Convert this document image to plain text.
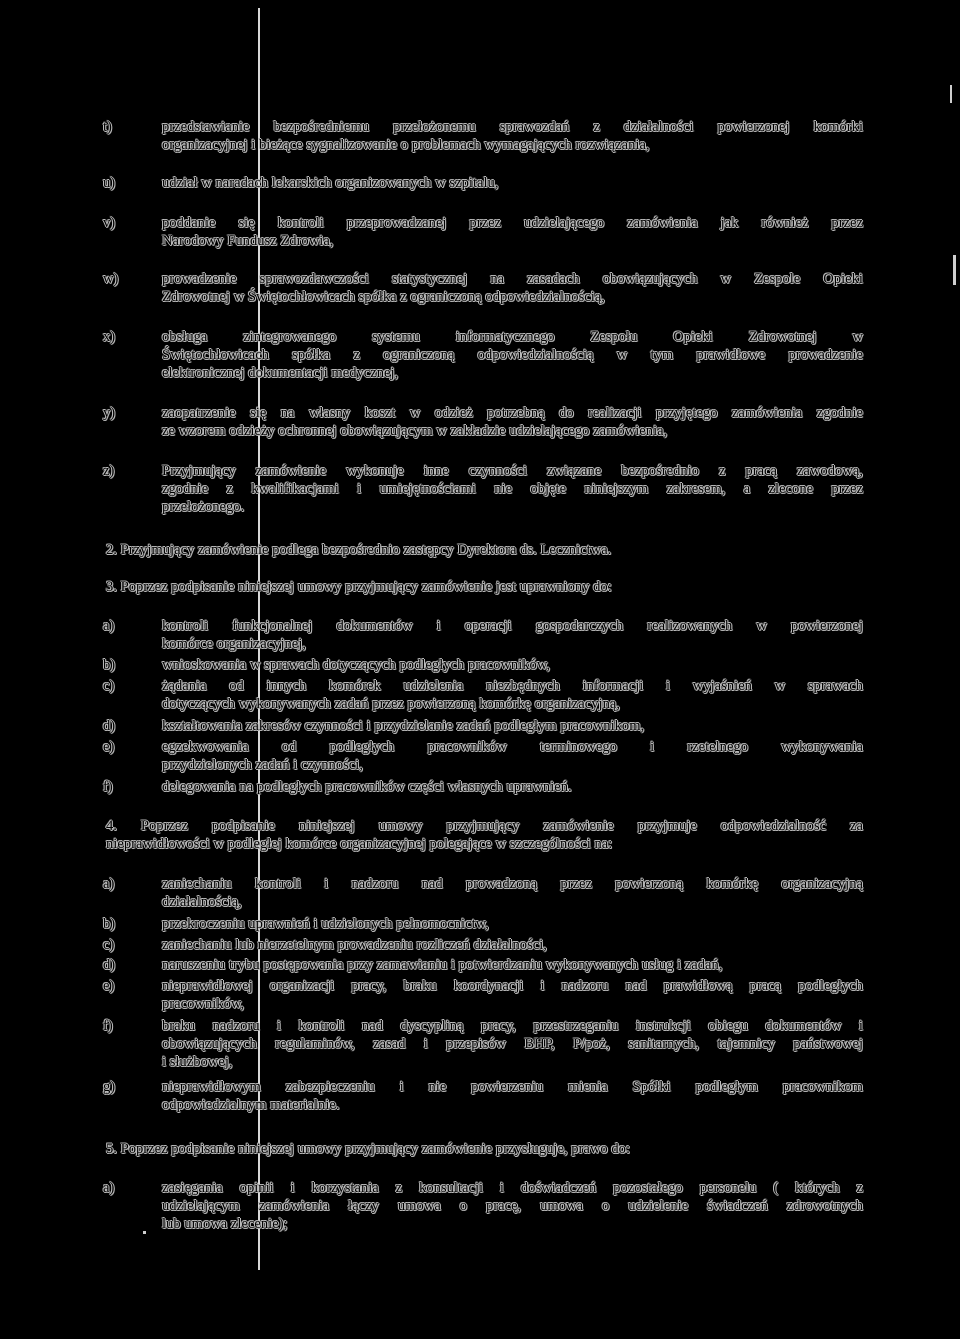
t)	przedstawianie bezpośredniemu przełożonemu sprawozdań z działalności powierzonej komórki
organizacyjnej i bieżące sygnalizowanie o problemach wymagających rozwiązania,
u)	udział w naradach lekarskich organizowanych w szpitalu,
v)	poddanie się kontroli przeprowadzanej przez udzielającego zamówienia jak również przez
Narodowy Fundusz Zdrowia,
w)	prowadzenie sprawozdawczości statystycznej na zasadach obowiązujących w Zespole Opieki
Zdrowotnej w Świętochłowicach spółka z ograniczoną odpowiedzialnością,
x)	obsługa zintegrowanego systemu informatycznego Zespołu Opieki Zdrowotnej w
Świętochłowicach spółka z ograniczoną odpowiedzialnością w tym prawidłowe prowadzenie
elektronicznej dokumentacji medycznej,
y)	zaopatrzenie się na własny koszt w odzież potrzebną do realizacji przyjętego zamówienia zgodnie
ze wzorem odzieży ochronnej obowiązującym w zakładzie udzielającego zamówienia,
z)	Przyjmujący zamówienie wykonuje inne czynności związane bezpośrednio z pracą zawodową,
zgodnie z kwalifikacjami i umiejętnościami nie objęte niniejszym zakresem, a zlecone przez
przełożonego.
2. Przyjmujący zamówienie podlega bezpośrednio zastępcy Dyrektora ds. Lecznictwa.
3. Poprzez podpisanie niniejszej umowy przyjmujący zamówienie jest uprawniony do:
a)	kontroli funkcjonalnej dokumentów i operacji gospodarczych realizowanych w powierzonej
komórce organizacyjnej,
b)	wnioskowania w sprawach dotyczących podległych pracowników,
c)	żądania od innych komórek udzielenia niezbędnych informacji i wyjaśnień w sprawach
dotyczących wykonywanych zadań przez powierzoną komórkę organizacyjną,
d)	kształtowania zakresów czynności i przydzielanie zadań podległym pracownikom,
e)	egzekwowania od podległych pracowników terminowego i rzetelnego wykonywania
przydzielonych zadań i czynności,
f)	delegowania na podległych pracowników części własnych uprawnień.
4. Poprzez podpisanie niniejszej umowy przyjmujący zamówienie przyjmuje odpowiedzialność za
nieprawidłowości w podległej komórce organizacyjnej polegające w szczególności na:
a)	zaniechaniu kontroli i nadzoru nad prowadzoną przez powierzoną komórkę organizacyjną
działalnością,
b)	przekroczeniu uprawnień i udzielonych pełnomocnictw,
c)	zaniechaniu lub nierzetelnym prowadzeniu rozliczeń działalności,
d)	naruszeniu trybu postępowania przy zamawianiu i potwierdzaniu wykonywanych usług i zadań,
e)	nieprawidłowej organizacji pracy, braku koordynacji i nadzoru nad prawidłową pracą podległych
pracowników,
f)	braku nadzoru i kontroli nad dyscypliną pracy, przestrzeganiu instrukcji obiegu dokumentów i
obowiązujących regulaminów, zasad i przepisów BHP, P/poż, sanitarnych, tajemnicy państwowej
i służbowej,
g)	nieprawidłowym zabezpieczeniu i nie powierzeniu mienia Spółki podległym pracownikom
odpowiedzialnym materialnie.
5. Poprzez podpisanie niniejszej umowy przyjmujący zamówienie przysługuje, prawo do:
a)	zasięgania opinii i korzystania z konsultacji i doświadczeń pozostałego personelu ( których z
udzielającym zamówienia łączy umowa o pracę, umowa o udzielenie świadczeń zdrowotnych
lub umowa zlecenie);
